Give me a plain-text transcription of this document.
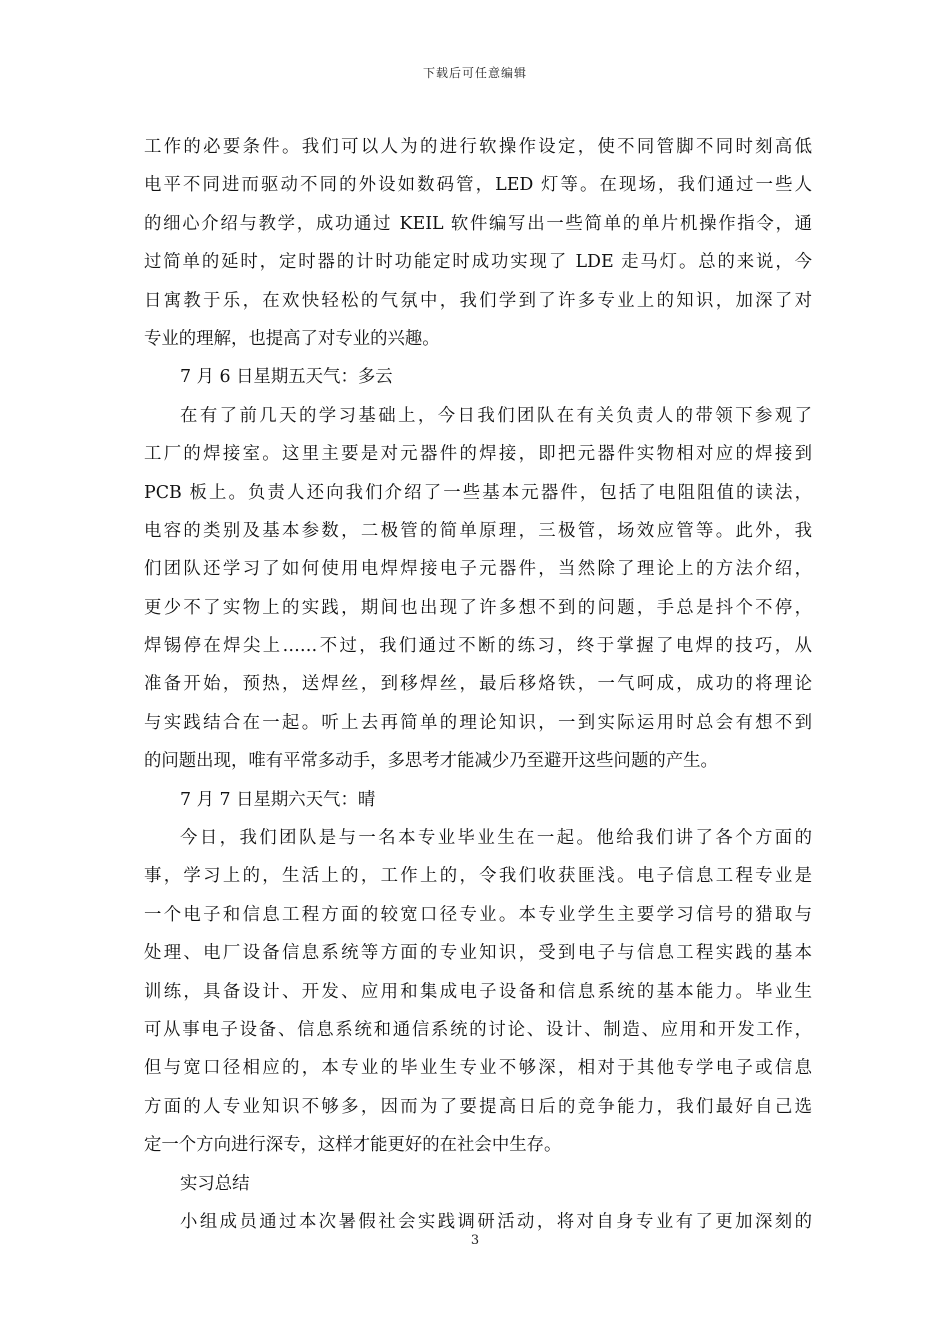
下载后可任意编辑
工作的必要条件。我们可以人为的进行软操作设定，使不同管脚不同时刻高低
电平不同进而驱动不同的外设如数码管，LED 灯等。在现场，我们通过一些人
的细心介绍与教学，成功通过 KEIL 软件编写出一些简单的单片机操作指令，通
过简单的延时，定时器的计时功能定时成功实现了 LDE 走马灯。总的来说，今
日寓教于乐，在欢快轻松的气氛中，我们学到了许多专业上的知识，加深了对
专业的理解，也提高了对专业的兴趣。
7 月 6 日星期五天气：多云
在有了前几天的学习基础上，今日我们团队在有关负责人的带领下参观了
工厂的焊接室。这里主要是对元器件的焊接，即把元器件实物相对应的焊接到
PCB 板上。负责人还向我们介绍了一些基本元器件，包括了电阻阻值的读法，
电容的类别及基本参数，二极管的简单原理，三极管，场效应管等。此外，我
们团队还学习了如何使用电焊焊接电子元器件，当然除了理论上的方法介绍，
更少不了实物上的实践，期间也出现了许多想不到的问题，手总是抖个不停，
焊锡停在焊尖上……不过，我们通过不断的练习，终于掌握了电焊的技巧，从
准备开始，预热，送焊丝，到移焊丝，最后移烙铁，一气呵成，成功的将理论
与实践结合在一起。听上去再简单的理论知识，一到实际运用时总会有想不到
的问题出现，唯有平常多动手，多思考才能减少乃至避开这些问题的产生。
7 月 7 日星期六天气：晴
今日，我们团队是与一名本专业毕业生在一起。他给我们讲了各个方面的
事，学习上的，生活上的，工作上的，令我们收获匪浅。电子信息工程专业是
一个电子和信息工程方面的较宽口径专业。本专业学生主要学习信号的猎取与
处理、电厂设备信息系统等方面的专业知识，受到电子与信息工程实践的基本
训练，具备设计、开发、应用和集成电子设备和信息系统的基本能力。毕业生
可从事电子设备、信息系统和通信系统的讨论、设计、制造、应用和开发工作，
但与宽口径相应的，本专业的毕业生专业不够深，相对于其他专学电子或信息
方面的人专业知识不够多，因而为了要提高日后的竞争能力，我们最好自己选
定一个方向进行深专，这样才能更好的在社会中生存。
实习总结
小组成员通过本次暑假社会实践调研活动，将对自身专业有了更加深刻的
3
